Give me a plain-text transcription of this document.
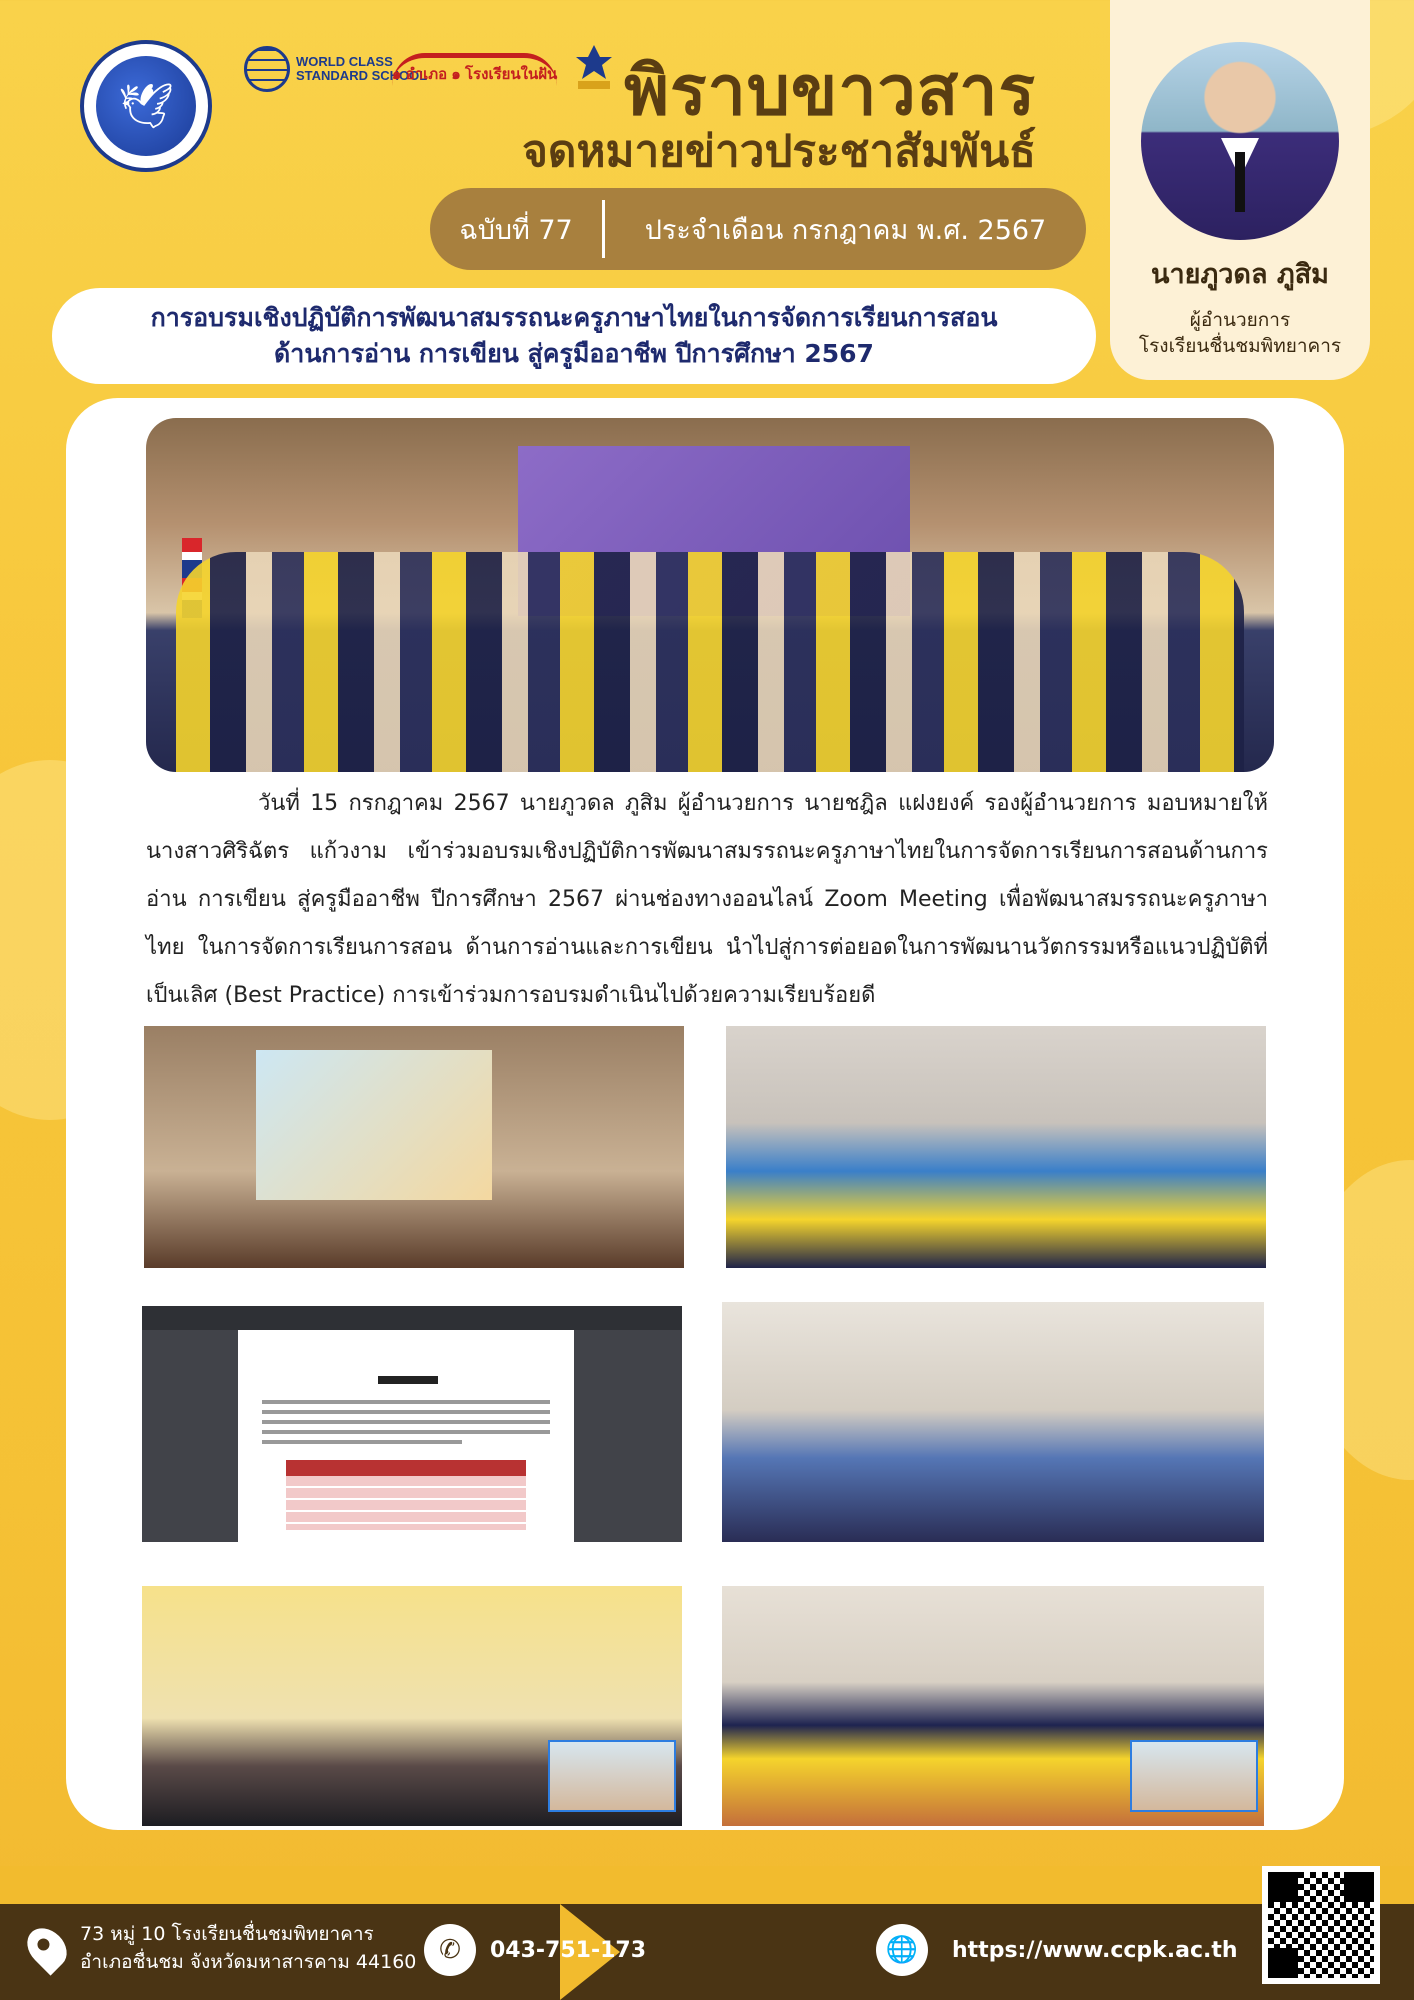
🕊
WORLD CLASS
STANDARD SCHOOL
๑ อำเภอ ๑ โรงเรียนในฝัน พิราบขาวสาร
จดหมายข่าวประชาสัมพันธ์
ฉบับที่ 77	ประจำเดือน กรกฎาคม พ.ศ. 2567
การอบรมเชิงปฏิบัติการพัฒนาสมรรถนะครูภาษาไทยในการจัดการเรียนการสอน
ด้านการอ่าน การเขียน สู่ครูมืออาชีพ ปีการศึกษา 2567
นายภูวดล ภูสิม
ผู้อำนวยการ
โรงเรียนชื่นชมพิทยาคาร

วันที่ 15 กรกฎาคม 2567 นายภูวดล ภูสิม ผู้อำนวยการ นายชฎิล แฝงยงค์ รองผู้อำนวยการ มอบหมายให้ นางสาวศิริฉัตร แก้วงาม เข้าร่วมอบรมเชิงปฏิบัติการพัฒนาสมรรถนะครูภาษาไทยในการจัดการเรียนการสอนด้านการอ่าน การเขียน สู่ครูมืออาชีพ ปีการศึกษา 2567 ผ่านช่องทางออนไลน์ Zoom Meeting เพื่อพัฒนาสมรรถนะครูภาษาไทย ในการจัดการเรียนการสอน ด้านการอ่านและการเขียน นำไปสู่การต่อยอดในการพัฒนานวัตกรรมหรือแนวปฏิบัติที่เป็นเลิศ (Best Practice) การเข้าร่วมการอบรมดำเนินไปด้วยความเรียบร้อยดี

73 หมู่ 10 โรงเรียนชื่นชมพิทยาคาร
อำเภอชื่นชม จังหวัดมหาสารคาม 44160 ✆	043-751-173	🌐	https://www.ccpk.ac.th
